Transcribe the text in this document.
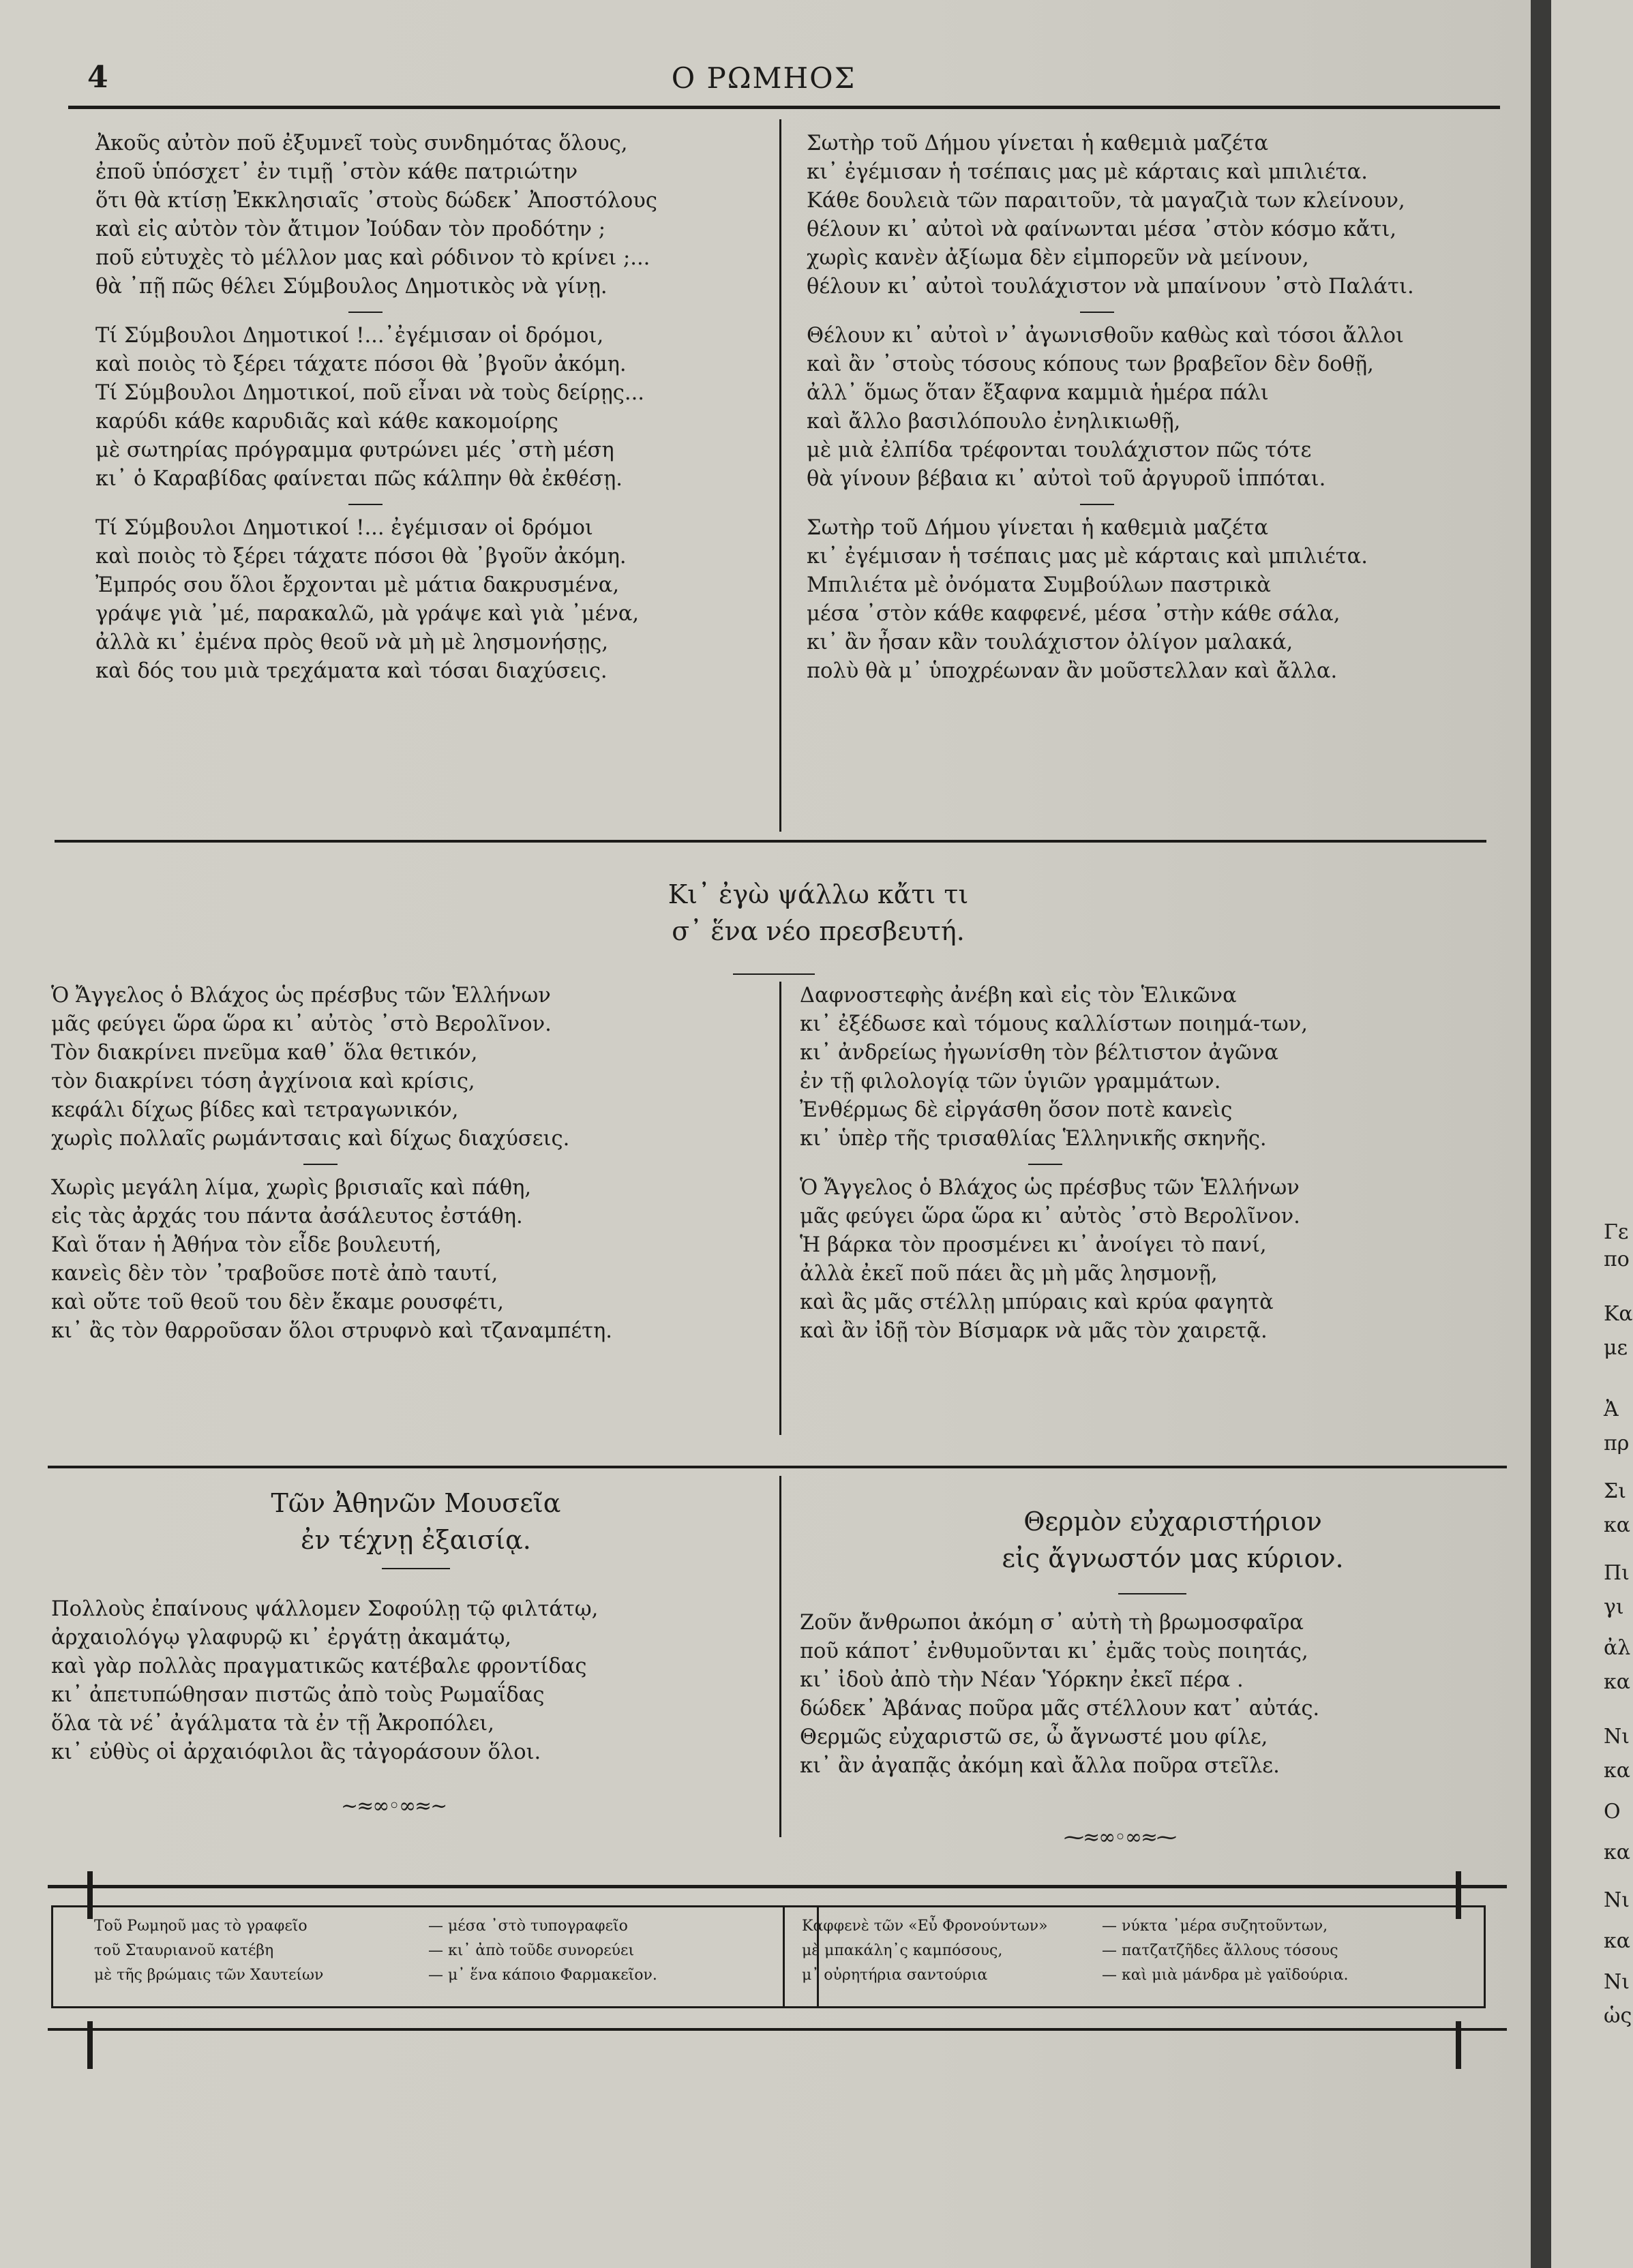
4	Ο ΡΩΜΗΟΣ
Ἀκοῦς αὐτὸν ποῦ ἐξυμνεῖ τοὺς συνδημότας ὅλους,
ἐποῦ ὑπόσχετ᾿ ἐν τιμῇ ᾿στὸν κάθε πατριώτην
ὅτι θὰ κτίσῃ Ἐκκλησιαῖς ᾿στοὺς δώδεκ᾿ Ἀποστόλους
καὶ εἰς αὐτὸν τὸν ἄτιμον Ἰούδαν τὸν προδότην ;
ποῦ εὐτυχὲς τὸ μέλλον μας καὶ ρόδινον τὸ κρίνει ;...
θὰ ᾿πῇ πῶς θέλει Σύμβουλος Δημοτικὸς νὰ γίνῃ.
Τί Σύμβουλοι Δημοτικοί !...᾿ἐγέμισαν οἱ δρόμοι,
καὶ ποιὸς τὸ ξέρει τάχατε πόσοι θὰ ᾿βγοῦν ἀκόμη.
Τί Σύμβουλοι Δημοτικοί, ποῦ εἶναι νὰ τοὺς δείρῃς...
καρύδι κάθε καρυδιᾶς καὶ κάθε κακομοίρης
μὲ σωτηρίας πρόγραμμα φυτρώνει μές ᾿στὴ μέση
κι᾿ ὁ Καραβίδας φαίνεται πῶς κάλπην θὰ ἐκθέσῃ.
Τί Σύμβουλοι Δημοτικοί !... ἐγέμισαν οἱ δρόμοι
καὶ ποιὸς τὸ ξέρει τάχατε πόσοι θὰ ᾿βγοῦν ἀκόμη.
Ἐμπρός σου ὅλοι ἔρχονται μὲ μάτια δακρυσμένα,
γράψε γιὰ ᾿μέ, παρακαλῶ, μὰ γράψε καὶ γιὰ ᾿μένα,
ἀλλὰ κι᾿ ἐμένα πρὸς θεοῦ νὰ μὴ μὲ λησμονήσῃς,
καὶ δός του μιὰ τρεχάματα καὶ τόσαι διαχύσεις.
Σωτὴρ τοῦ Δήμου γίνεται ἡ καθεμιὰ μαζέτα
κι᾿ ἐγέμισαν ἡ τσέπαις μας μὲ κάρταις καὶ μπιλιέτα.
Κάθε δουλειὰ τῶν παραιτοῦν, τὰ μαγαζιὰ των κλείνουν,
θέλουν κι᾿ αὐτοὶ νὰ φαίνωνται μέσα ᾿στὸν κόσμο κἄτι,
χωρὶς κανὲν ἀξίωμα δὲν εἰμπορεῦν νὰ μείνουν,
θέλουν κι᾿ αὐτοὶ τουλάχιστον νὰ μπαίνουν ᾿στὸ Παλάτι.
Θέλουν κι᾿ αὐτοὶ ν᾿ ἀγωνισθοῦν καθὼς καὶ τόσοι ἄλλοι
καὶ ἂν ᾿στοὺς τόσους κόπους των βραβεῖον δὲν δοθῇ,
ἀλλ᾿ ὅμως ὅταν ἔξαφνα καμμιὰ ἡμέρα πάλι
καὶ ἄλλο βασιλόπουλο ἐνηλικιωθῇ,
μὲ μιὰ ἐλπίδα τρέφονται τουλάχιστον πῶς τότε
θὰ γίνουν βέβαια κι᾿ αὐτοὶ τοῦ ἀργυροῦ ἱππόται.
Σωτὴρ τοῦ Δήμου γίνεται ἡ καθεμιὰ μαζέτα
κι᾿ ἐγέμισαν ἡ τσέπαις μας μὲ κάρταις καὶ μπιλιέτα.
Μπιλιέτα μὲ ὀνόματα Συμβούλων παστρικὰ
μέσα ᾿στὸν κάθε καφφενέ, μέσα ᾿στὴν κάθε σάλα,
κι᾿ ἂν ἦσαν κἂν τουλάχιστον ὀλίγον μαλακά,
πολὺ θὰ μ᾿ ὑποχρέωναν ἂν μοῦστελλαν καὶ ἄλλα.
Κι᾿ ἐγὼ ψάλλω κἄτι τι
σ᾿ ἕνα νέο πρεσβευτή.
Ὁ Ἄγγελος ὁ Βλάχος ὡς πρέσβυς τῶν Ἑλλήνων
μᾶς φεύγει ὥρα ὥρα κι᾿ αὐτὸς ᾿στὸ Βερολῖνον.
Τὸν διακρίνει πνεῦμα καθ᾿ ὅλα θετικόν,
τὸν διακρίνει τόση ἀγχίνοια καὶ κρίσις,
κεφάλι δίχως βίδες καὶ τετραγωνικόν,
χωρὶς πολλαῖς ρωμάντσαις καὶ δίχως διαχύσεις.
Χωρὶς μεγάλη λίμα, χωρὶς βρισιαῖς καὶ πάθη,
εἰς τὰς ἀρχάς του πάντα ἀσάλευτος ἐστάθη.
Καὶ ὅταν ἡ Ἀθήνα τὸν εἶδε βουλευτή,
κανεὶς δὲν τὸν ᾿τραβοῦσε ποτὲ ἀπὸ ταυτί,
καὶ οὔτε τοῦ θεοῦ του δὲν ἔκαμε ρουσφέτι,
κι᾿ ἂς τὸν θαρροῦσαν ὅλοι στρυφνὸ καὶ τζαναμπέτη.
Δαφνοστεφὴς ἀνέβη καὶ εἰς τὸν Ἑλικῶνα
κι᾿ ἐξέδωσε καὶ τόμους καλλίστων ποιημά-των,
κι᾿ ἀνδρείως ἠγωνίσθη τὸν βέλτιστον ἀγῶνα
ἐν τῇ φιλολογίᾳ τῶν ὑγιῶν γραμμάτων.
Ἐνθέρμως δὲ εἰργάσθη ὅσον ποτὲ κανεὶς
κι᾿ ὑπὲρ τῆς τρισαθλίας Ἑλληνικῆς σκηνῆς.
Ὁ Ἄγγελος ὁ Βλάχος ὡς πρέσβυς τῶν Ἑλλήνων
μᾶς φεύγει ὥρα ὥρα κι᾿ αὐτὸς ᾿στὸ Βερολῖνον.
Ἡ βάρκα τὸν προσμένει κι᾿ ἀνοίγει τὸ πανί,
ἀλλὰ ἐκεῖ ποῦ πάει ἂς μὴ μᾶς λησμονῇ,
καὶ ἂς μᾶς στέλλῃ μπύραις καὶ κρύα φαγητὰ
καὶ ἂν ἰδῇ τὸν Βίσμαρκ νὰ μᾶς τὸν χαιρετᾷ.
Τῶν Ἀθηνῶν Μουσεῖα
ἐν τέχνῃ ἐξαισίᾳ.
Πολλοὺς ἐπαίνους ψάλλομεν Σοφούλῃ τῷ φιλτάτῳ,
ἀρχαιολόγῳ γλαφυρῷ κι᾿ ἐργάτῃ ἀκαμάτῳ,
καὶ γὰρ πολλὰς πραγματικῶς κατέβαλε φροντίδας
κι᾿ ἀπετυπώθησαν πιστῶς ἀπὸ τοὺς Ρωμαΐδας
ὅλα τὰ νέ᾿ ἀγάλματα τὰ ἐν τῇ Ἀκροπόλει,
κι᾿ εὐθὺς οἱ ἀρχαιόφιλοι ἂς τἀγοράσουν ὅλοι.
~≈∞◦∞≈~
Θερμὸν εὐχαριστήριον
εἰς ἄγνωστόν μας κύριον.
Ζοῦν ἄνθρωποι ἀκόμη σ᾿ αὐτὴ τὴ βρωμοσφαῖρα
ποῦ κάποτ᾿ ἐνθυμοῦνται κι᾿ ἐμᾶς τοὺς ποιητάς,
κι᾿ ἰδοὺ ἀπὸ τὴν Νέαν Ὑόρκην ἐκεῖ πέρα .
δώδεκ᾿ Ἀβάνας ποῦρα μᾶς στέλλουν κατ᾿ αὐτάς.
Θερμῶς εὐχαριστῶ σε, ὦ ἄγνωστέ μου φίλε,
κι᾿ ἂν ἀγαπᾷς ἀκόμη καὶ ἄλλα ποῦρα στεῖλε.
⁓≈∞◦∞≈⁓
Τοῦ Ρωμηοῦ μας τὸ γραφεῖο	— μέσα ᾿στὸ τυπογραφεῖο
τοῦ Σταυριανοῦ κατέβη	— κι᾿ ἀπὸ τοῦδε συνορεύει
μὲ τῆς βρώμαις τῶν Χαυτείων	— μ᾿ ἕνα κάποιο Φαρμακεῖον.
Καφφενὲ τῶν «Εὖ Φρονούντων»	— νύκτα ᾿μέρα συζητοῦντων,
μὲ μπακάλη᾿ς καμπόσους,	— πατζατζῆδες ἄλλους τόσους
μ᾿ οὐρητήρια σαντούρια	— καὶ μιὰ μάνδρα μὲ γαϊδούρια.
Γε
πο
Κα
με
Ἀ
πρ
Σι
κα
Πι
γι
ἀλ
κα
Νι
κα
Ο
κα
Νι
κα
Νι
ὡς
